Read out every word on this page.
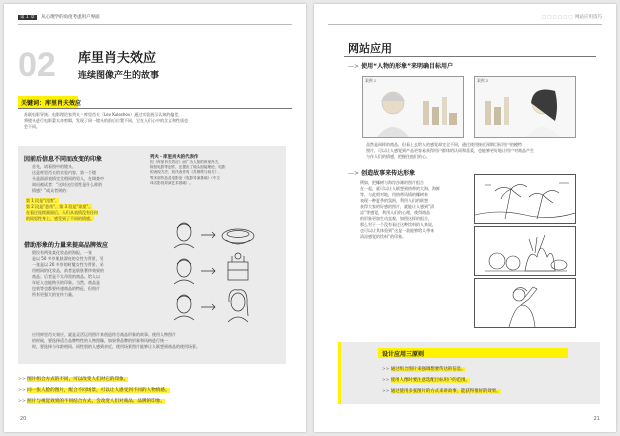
第 1 章 从心理学的角度考虑用户界面
02 库里肖夫效应
连续图像产生的故事
关键词：库里肖夫效应
苏联电影导演、电影理论家列夫・库里肖夫（Lev Kuleshov）通过实验展示认知的偏差，
将镜头进行电影蒙太奇剪辑，发现了同一镜头的前后位置不同，它在人们心中的含义和性质也
会不同。
因前后信息不同而改变的印象
首先，请看图中的镜头。
这是库里肖夫的实验内容，第一个镜
头是面部表情完全相同的男人，在调查中
询问被试者：“这时这位男性是什么样的
情感？”或众者则的：
第 1 段是“饥饿”，
第 2 段是“悲伤”，第 3 段是“欲望”。
在看过连续画面后，人们从表情没有任何
的同男性身上，感受到了不同的情感。
借助形象的力量来提高品牌效应
假设有两张某化妆品的海报，一张
是以 50 多岁肌肤漂亮的女性为背景，另
一张是以 20 多岁的时髦女性为背景，采
用相同的化妆品，前者是肌肤奢侈效果的
商品；后者是不太昂贵的商品。给人以
年轻人也能购买的印象。当然，商品是
包装等也都要传递商品的特征，但图片
所有更强大的宣传力量。
应用库里肖夫效应，就是灵活运用图片来创造符合商品形象的故事。使用人物图片
的时候，要选择适合品牌特性的人物图像，如果将品牌的形象和风格进行统一
时，要选择与年龄相同、同性别的人感到亲近，使用场景图片能够让人联想到商品的使用场景。
列夫・库里肖夫的代表作
因《库里肖夫效应》而广为人知的库里肖夫，
除拍电影等创作，还提出了镜头组接理论、电影
的表现方法，其代表作有《苏维埃与西方》、
等多部作品及电影论《电影导演基础》（中文
译名影视导演艺术基础）。
>> 图片组合方式的不同，可以改变人们对它的印象。
>> 同一张人脸的图片，配合不同场景，可以让人感受到不同的人物情感。
>> 照片与视觉效果的不同结合方式，会改变人们对商品、品牌的印象。
20
□□□□□□ 网站应用技巧
网站应用
—> 使用“人物的形象”来明确目标用户
案例 1	案例 2
虽然是同样的商品，但看上去给人的感觉却完全不同，通过使用接近预期目标用户的模特
照片，可以让人感觉到产品更容易获得用户群体的认同和喜爱，也能够更好地让用户对商品产生
与作人们的情感，把握住他们的心。
—> 创造故事来传达形象
例如，把椰树与海岸沙滩的图片组合
在一起，就可以让人联想到热带的大海、海鲜
等。与此相对地，用热带风情的椰树来
表现一种夏季的氛围，利用人们的联想
获得大家的好感的图片，就能让人感到“清
凉”等感觉，利用人们的心理，使得商品
的形象更加生动直观，如图这样的组合，
那么对于一个没有看过这种饮料的人来说，
也可以让其体验到“这是一款能够给人带来
清凉感觉的饮料”的印象。
设计应用三原则
>> 通过组合图片来强调想要传达的信息。
>> 使用人像时要注意选配目标用户的范围。
>> 通过使用多张图片的方式来讲故事，能获得很好的效果。
21
